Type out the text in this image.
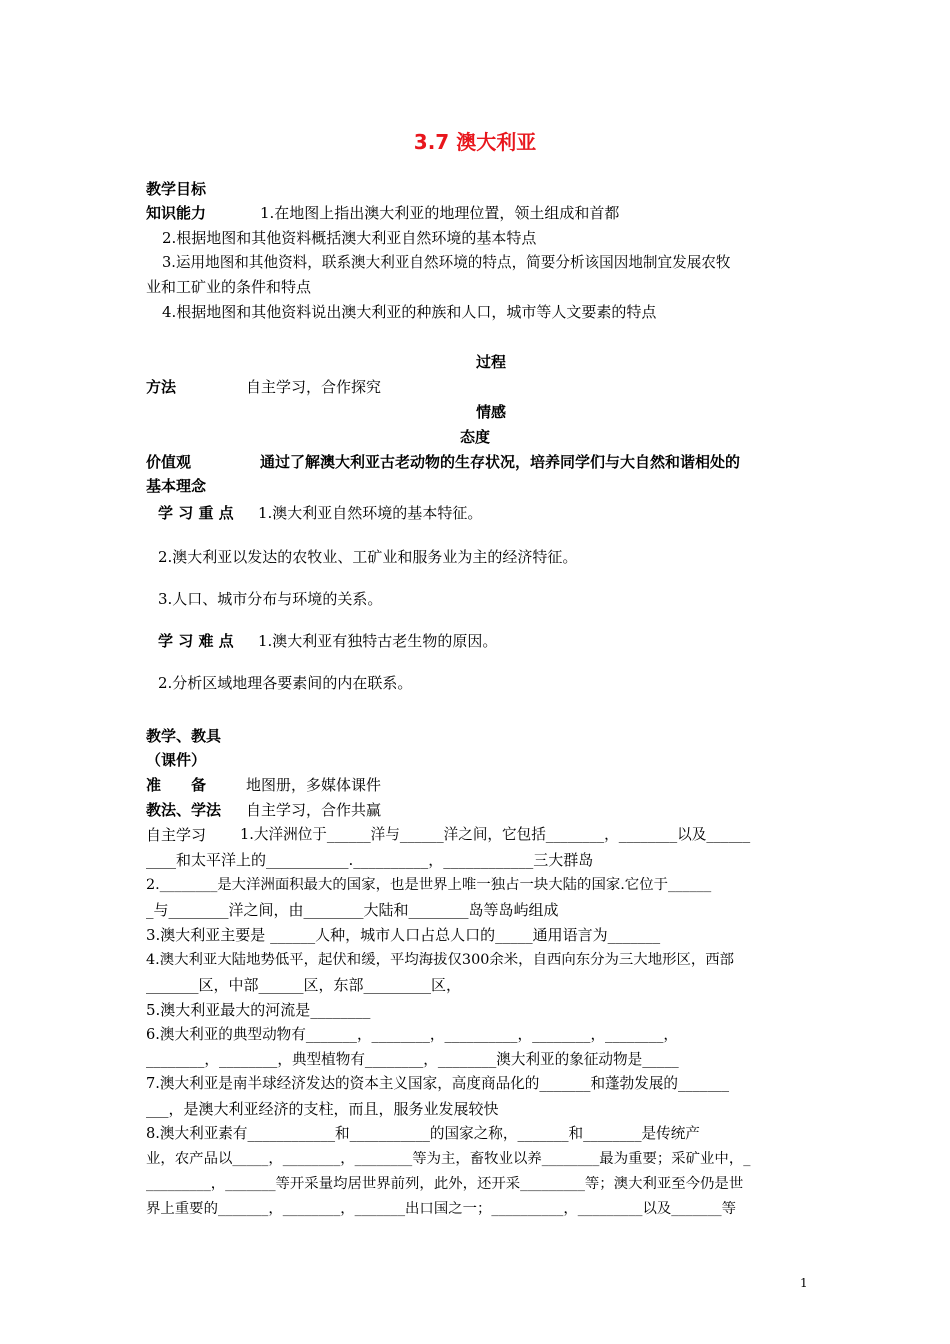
3.7 澳大利亚
教学目标
知识能力	1.在地图上指出澳大利亚的地理位置，领土组成和首都
2.根据地图和其他资料概括澳大利亚自然环境的基本特点
3.运用地图和其他资料，联系澳大利亚自然环境的特点，简要分析该国因地制宜发展农牧
业和工矿业的条件和特点
4.根据地图和其他资料说出澳大利亚的种族和人口，城市等人文要素的特点
过程
方法	自主学习，合作探究
情感
态度
价值观	通过了解澳大利亚古老动物的生存状况，培养同学们与大自然和谐相处的
基本理念
学 习 重 点 1.澳大利亚自然环境的基本特征。
2.澳大利亚以发达的农牧业、工矿业和服务业为主的经济特征。
3.人口、城市分布与环境的关系。
学 习 难 点 1.澳大利亚有独特古老生物的原因。
2.分析区域地理各要素间的内在联系。
教学、教具
（课件）
准　　备	地图册，多媒体课件
教法、学法 自主学习，合作共赢
自主学习 1.大洋洲位于______洋与______洋之间，它包括________，________以及______
____和太平洋上的___________.__________，____________三大群岛
2.________是大洋洲面积最大的国家，也是世界上唯一独占一块大陆的国家.它位于______
_与________洋之间，由________大陆和________岛等岛屿组成
3.澳大利亚主要是 ______人种，城市人口占总人口的_____通用语言为_______
4.澳大利亚大陆地势低平，起伏和缓，平均海拔仅300余米，自西向东分为三大地形区，西部
_______区，中部______区，东部_________区，
5.澳大利亚最大的河流是________
6.澳大利亚的典型动物有_______，________，__________，________，________，
________，________，典型植物有________，________澳大利亚的象征动物是_____
7.澳大利亚是南半球经济发达的资本主义国家，高度商品化的_______和蓬勃发展的_______
___，是澳大利亚经济的支柱，而且，服务业发展较快
8.澳大利亚素有____________和___________的国家之称，_______和________是传统产
业，农产品以_____，________，________等为主，畜牧业以养________最为重要；采矿业中，_
_________，_______等开采量均居世界前列，此外，还开采_________等；澳大利亚至今仍是世
界上重要的_______，________，_______出口国之一；__________，_________以及_______等
1
